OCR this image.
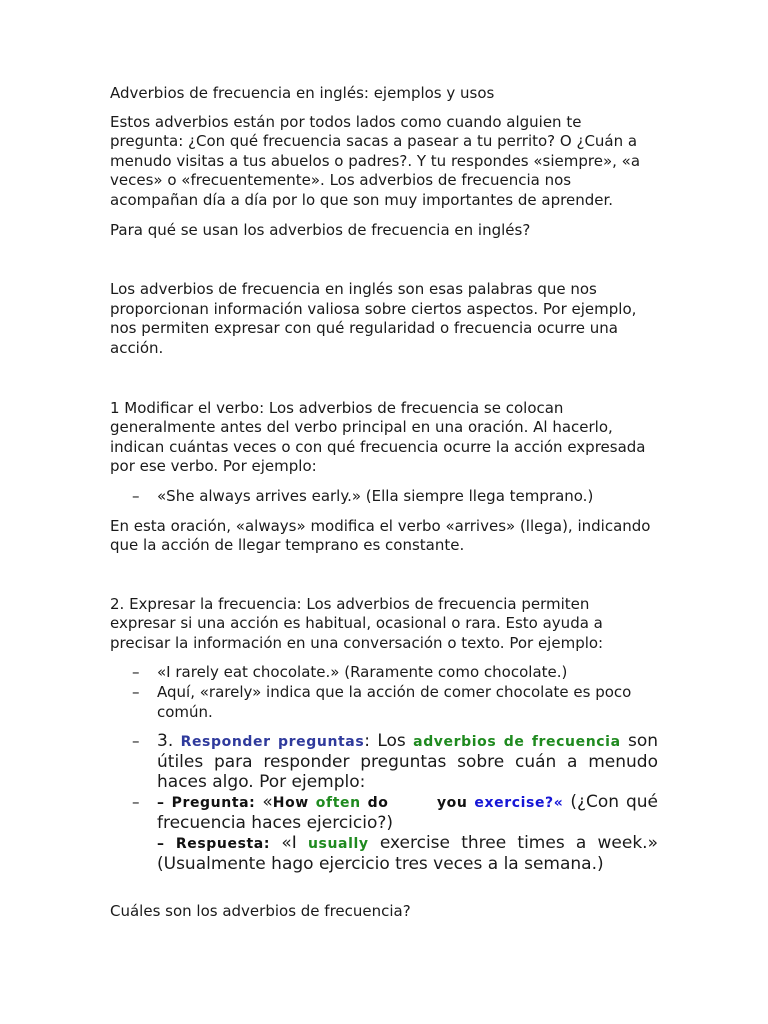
Adverbios de frecuencia en inglés: ejemplos y usos

Estos adverbios están por todos lados como cuando alguien te pregunta: ¿Con qué frecuencia sacas a pasear a tu perrito? O ¿Cuán a menudo visitas a tus abuelos o padres?. Y tu respondes «siempre», «a veces» o «frecuentemente». Los adverbios de frecuencia nos acompañan día a día por lo que son muy importantes de aprender.

Para qué se usan los adverbios de frecuencia en inglés?

Los adverbios de frecuencia en inglés son esas palabras que nos proporcionan información valiosa sobre ciertos aspectos. Por ejemplo, nos permiten expresar con qué regularidad o frecuencia ocurre una acción.

1 Modificar el verbo: Los adverbios de frecuencia se colocan generalmente antes del verbo principal en una oración. Al hacerlo, indican cuántas veces o con qué frecuencia ocurre la acción expresada por ese verbo. Por ejemplo:

– «She always arrives early.» (Ella siempre llega temprano.)

En esta oración, «always» modifica el verbo «arrives» (llega), indicando que la acción de llegar temprano es constante.

2. Expresar la frecuencia: Los adverbios de frecuencia permiten expresar si una acción es habitual, ocasional o rara. Esto ayuda a precisar la información en una conversación o texto. Por ejemplo:

– «I rarely eat chocolate.» (Raramente como chocolate.)
– Aquí, «rarely» indica que la acción de comer chocolate es poco común.
– 3. Responder preguntas: Los adverbios de frecuencia son útiles para responder preguntas sobre cuán a menudo haces algo. Por ejemplo:
– – Pregunta: «How often do	you exercise?« (¿Con qué frecuencia haces ejercicio?)
– Respuesta: «I usually exercise three times a week.» (Usualmente hago ejercicio tres veces a la semana.)

Cuáles son los adverbios de frecuencia?
